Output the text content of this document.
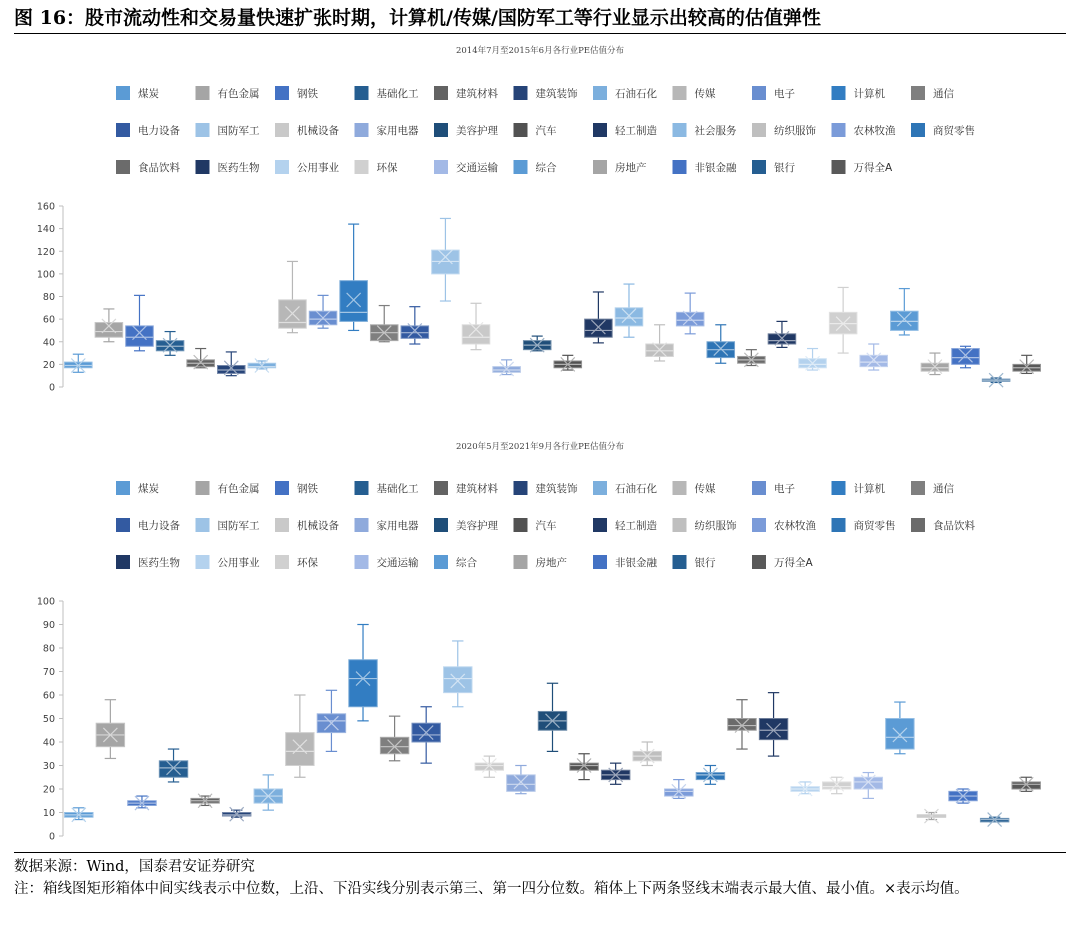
图 16：股市流动性和交易量快速扩张时期，计算机/传媒/国防军工等行业显示出较高的估值弹性
2014年7月至2015年6月各行业PE估值分布
煤炭	有色金属	钢铁	基础化工	建筑材料	建筑装饰	石油石化	传媒	电子	计算机	通信
电力设备	国防军工	机械设备	家用电器	美容护理	汽车	轻工制造	社会服务	纺织服饰	农林牧渔	商贸零售
食品饮料	医药生物	公用事业	环保	交通运输	综合	房地产	非银金融	银行	万得全A
0
20
40
60
80
100
120
140
160
2020年5月至2021年9月各行业PE估值分布
煤炭	有色金属	钢铁	基础化工	建筑材料	建筑装饰	石油石化	传媒	电子	计算机	通信
电力设备	国防军工	机械设备	家用电器	美容护理	汽车	轻工制造	纺织服饰	农林牧渔	商贸零售	食品饮料
医药生物	公用事业	环保	交通运输	综合	房地产	非银金融	银行	万得全A
0
10
20
30
40
50
60
70
80
90
100
数据来源：Wind，国泰君安证券研究
注：箱线图矩形箱体中间实线表示中位数，上沿、下沿实线分别表示第三、第一四分位数。箱体上下两条竖线末端表示最大值、最小值。×表示均值。
